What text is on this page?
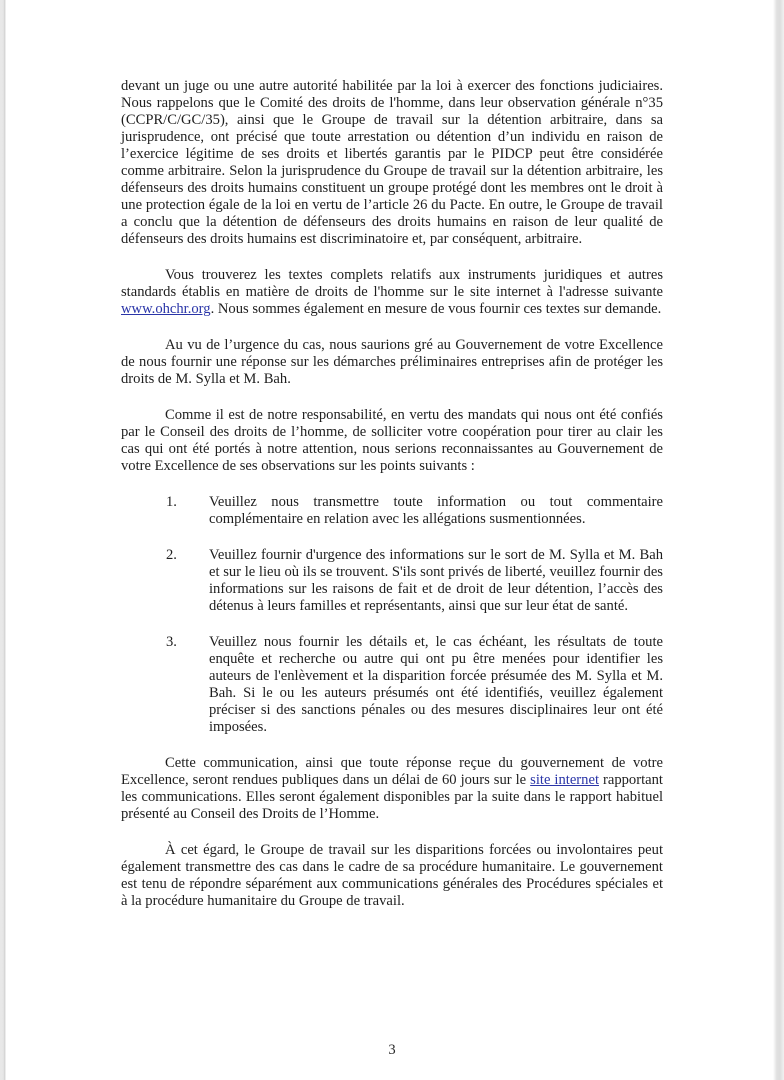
devant un juge ou une autre autorité habilitée par la loi à exercer des fonctions judiciaires. Nous rappelons que le Comité des droits de l'homme, dans leur observation générale n°35 (CCPR/C/GC/35), ainsi que le Groupe de travail sur la détention arbitraire, dans sa jurisprudence, ont précisé que toute arrestation ou détention d’un individu en raison de l’exercice légitime de ses droits et libertés garantis par le PIDCP peut être considérée comme arbitraire. Selon la jurisprudence du Groupe de travail sur la détention arbitraire, les défenseurs des droits humains constituent un groupe protégé dont les membres ont le droit à une protection égale de la loi en vertu de l’article 26 du Pacte. En outre, le Groupe de travail a conclu que la détention de défenseurs des droits humains en raison de leur qualité de défenseurs des droits humains est discriminatoire et, par conséquent, arbitraire.

Vous trouverez les textes complets relatifs aux instruments juridiques et autres standards établis en matière de droits de l'homme sur le site internet à l'adresse suivante www.ohchr.org. Nous sommes également en mesure de vous fournir ces textes sur demande.

Au vu de l’urgence du cas, nous saurions gré au Gouvernement de votre Excellence de nous fournir une réponse sur les démarches préliminaires entreprises afin de protéger les droits de M. Sylla et M. Bah.

Comme il est de notre responsabilité, en vertu des mandats qui nous ont été confiés par le Conseil des droits de l’homme, de solliciter votre coopération pour tirer au clair les cas qui ont été portés à notre attention, nous serions reconnaissantes au Gouvernement de votre Excellence de ses observations sur les points suivants :

1.	Veuillez nous transmettre toute information ou tout commentaire complémentaire en relation avec les allégations susmentionnées.
2.	Veuillez fournir d'urgence des informations sur le sort de M. Sylla et M. Bah et sur le lieu où ils se trouvent. S'ils sont privés de liberté, veuillez fournir des informations sur les raisons de fait et de droit de leur détention, l’accès des détenus à leurs familles et représentants, ainsi que sur leur état de santé.
3.	Veuillez nous fournir les détails et, le cas échéant, les résultats de toute enquête et recherche ou autre qui ont pu être menées pour identifier les auteurs de l'enlèvement et la disparition forcée présumée des M. Sylla et M. Bah. Si le ou les auteurs présumés ont été identifiés, veuillez également préciser si des sanctions pénales ou des mesures disciplinaires leur ont été imposées.

Cette communication, ainsi que toute réponse reçue du gouvernement de votre Excellence, seront rendues publiques dans un délai de 60 jours sur le site internet rapportant les communications. Elles seront également disponibles par la suite dans le rapport habituel présenté au Conseil des Droits de l’Homme.

À cet égard, le Groupe de travail sur les disparitions forcées ou involontaires peut également transmettre des cas dans le cadre de sa procédure humanitaire. Le gouvernement est tenu de répondre séparément aux communications générales des Procédures spéciales et à la procédure humanitaire du Groupe de travail.

3
